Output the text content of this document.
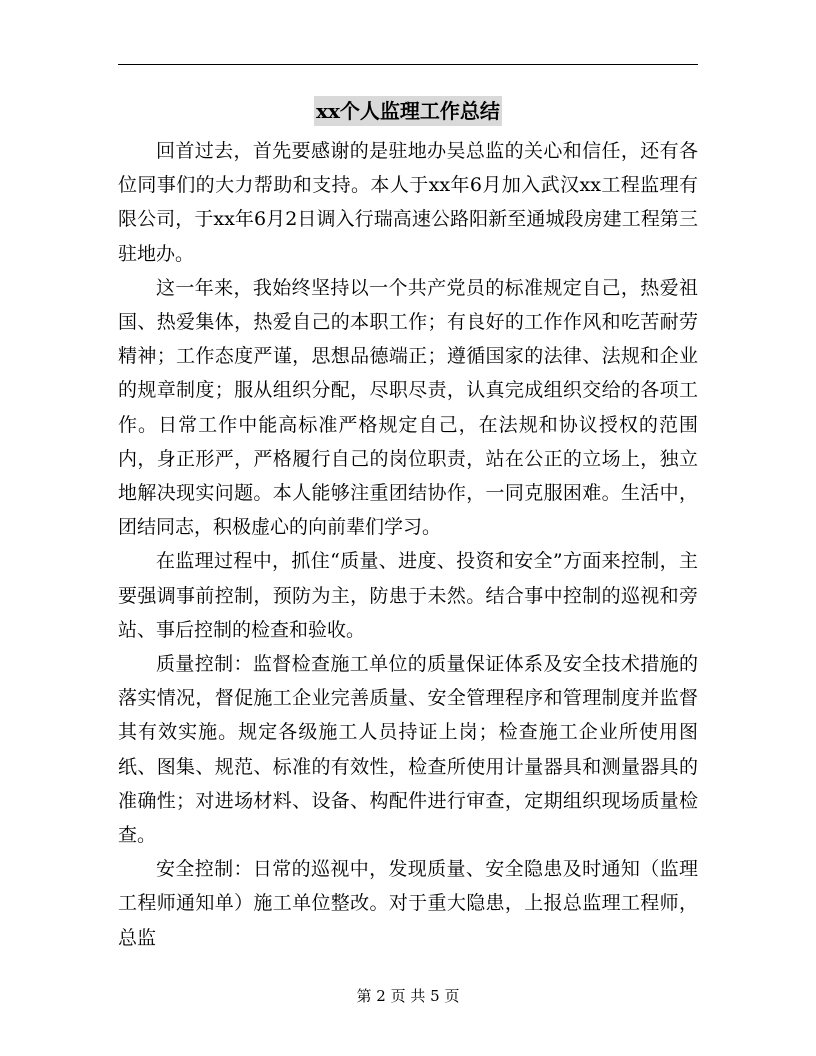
xx个人监理工作总结

回首过去，首先要感谢的是驻地办吴总监的关心和信任，还有各位同事们的大力帮助和支持。本人于xx年6月加入武汉xx工程监理有限公司，于xx年6月2日调入行瑞高速公路阳新至通城段房建工程第三驻地办。

这一年来，我始终坚持以一个共产党员的标准规定自己，热爱祖国、热爱集体，热爱自己的本职工作；有良好的工作作风和吃苦耐劳精神；工作态度严谨，思想品德端正；遵循国家的法律、法规和企业的规章制度；服从组织分配，尽职尽责，认真完成组织交给的各项工作。日常工作中能高标准严格规定自己，在法规和协议授权的范围内，身正形严，严格履行自己的岗位职责，站在公正的立场上，独立地解决现实问题。本人能够注重团结协作，一同克服困难。生活中，团结同志，积极虚心的向前辈们学习。

在监理过程中，抓住“质量、进度、投资和安全”方面来控制，主要强调事前控制，预防为主，防患于未然。结合事中控制的巡视和旁站、事后控制的检查和验收。

质量控制：监督检查施工单位的质量保证体系及安全技术措施的落实情况，督促施工企业完善质量、安全管理程序和管理制度并监督其有效实施。规定各级施工人员持证上岗；检查施工企业所使用图纸、图集、规范、标准的有效性，检查所使用计量器具和测量器具的准确性；对进场材料、设备、构配件进行审查，定期组织现场质量检查。

安全控制：日常的巡视中，发现质量、安全隐患及时通知（监理工程师通知单）施工单位整改。对于重大隐患，上报总监理工程师，总监

第 2 页 共 5 页
